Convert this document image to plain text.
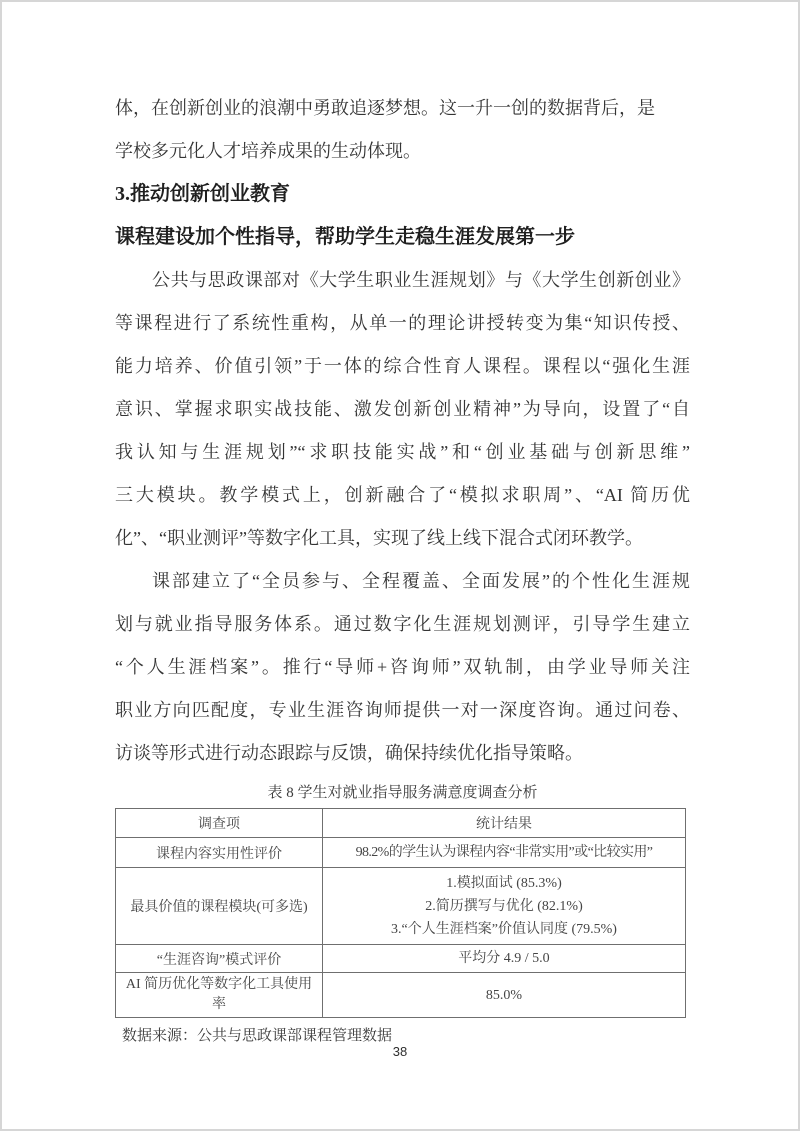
体，在创新创业的浪潮中勇敢追逐梦想。这一升一创的数据背后，是
学校多元化人才培养成果的生动体现。
3.推动创新创业教育
课程建设加个性指导，帮助学生走稳生涯发展第一步
公共与思政课部对《大学生职业生涯规划》与《大学生创新创业》
等课程进行了系统性重构，从单一的理论讲授转变为集“知识传授、
能力培养、价值引领”于一体的综合性育人课程。课程以“强化生涯
意识、掌握求职实战技能、激发创新创业精神”为导向，设置了“自
我认知与生涯规划”“求职技能实战”和“创业基础与创新思维”
三大模块。教学模式上，创新融合了“模拟求职周”、“AI 简历优
化”、“职业测评”等数字化工具，实现了线上线下混合式闭环教学。
课部建立了“全员参与、全程覆盖、全面发展”的个性化生涯规
划与就业指导服务体系。通过数字化生涯规划测评，引导学生建立
“个人生涯档案”。推行“导师+咨询师”双轨制，由学业导师关注
职业方向匹配度，专业生涯咨询师提供一对一深度咨询。通过问卷、
访谈等形式进行动态跟踪与反馈，确保持续优化指导策略。
表 8 学生对就业指导服务满意度调查分析
调查项	统计结果
课程内容实用性评价	98.2%的学生认为课程内容“非常实用”或“比较实用”

最具价值的课程模块(可多选)	1.模拟面试 (85.3%)
2.简历撰写与优化 (82.1%)
3.“个人生涯档案”价值认同度 (79.5%)

“生涯咨询”模式评价	平均分 4.9 / 5.0

AI 简历优化等数字化工具使用率	85.0%
数据来源：公共与思政课部课程管理数据
38
